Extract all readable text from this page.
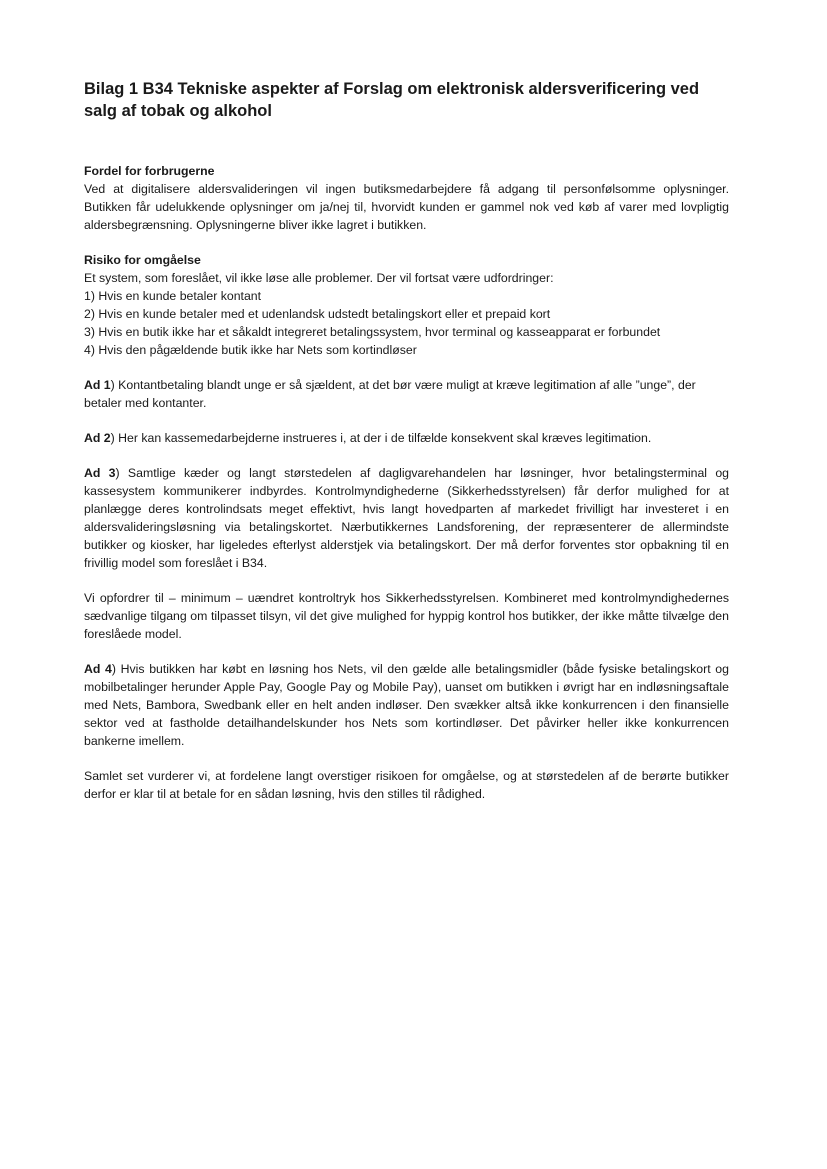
Bilag 1 B34 Tekniske aspekter af Forslag om elektronisk aldersverificering ved salg af tobak og alkohol
Fordel for forbrugerne

Ved at digitalisere aldersvalideringen vil ingen butiksmedarbejdere få adgang til personfølsomme oplysninger. Butikken får udelukkende oplysninger om ja/nej til, hvorvidt kunden er gammel nok ved køb af varer med lovpligtig aldersbegrænsning. Oplysningerne bliver ikke lagret i butikken.

Risiko for omgåelse
Et system, som foreslået, vil ikke løse alle problemer. Der vil fortsat være udfordringer:
1) Hvis en kunde betaler kontant
2) Hvis en kunde betaler med et udenlandsk udstedt betalingskort eller et prepaid kort
3) Hvis en butik ikke har et såkaldt integreret betalingssystem, hvor terminal og kasseapparat er forbundet
4) Hvis den pågældende butik ikke har Nets som kortindløser

Ad 1) Kontantbetaling blandt unge er så sjældent, at det bør være muligt at kræve legitimation af alle ”unge”, der betaler med kontanter.

Ad 2) Her kan kassemedarbejderne instrueres i, at der i de tilfælde konsekvent skal kræves legitimation.

Ad 3) Samtlige kæder og langt størstedelen af dagligvarehandelen har løsninger, hvor betalingsterminal og kassesystem kommunikerer indbyrdes. Kontrolmyndighederne (Sikkerhedsstyrelsen) får derfor mulighed for at planlægge deres kontrolindsats meget effektivt, hvis langt hovedparten af markedet frivilligt har investeret i en aldersvalideringsløsning via betalingskortet. Nærbutikkernes Landsforening, der repræsenterer de allermindste butikker og kiosker, har ligeledes efterlyst alderstjek via betalingskort. Der må derfor forventes stor opbakning til en frivillig model som foreslået i B34.

Vi opfordrer til – minimum – uændret kontroltryk hos Sikkerhedsstyrelsen. Kombineret med kontrolmyndighedernes sædvanlige tilgang om tilpasset tilsyn, vil det give mulighed for hyppig kontrol hos butikker, der ikke måtte tilvælge den foreslåede model.

Ad 4) Hvis butikken har købt en løsning hos Nets, vil den gælde alle betalingsmidler (både fysiske betalingskort og mobilbetalinger herunder Apple Pay, Google Pay og Mobile Pay), uanset om butikken i øvrigt har en indløsningsaftale med Nets, Bambora, Swedbank eller en helt anden indløser. Den svækker altså ikke konkurrencen i den finansielle sektor ved at fastholde detailhandelskunder hos Nets som kortindløser. Det påvirker heller ikke konkurrencen bankerne imellem.

Samlet set vurderer vi, at fordelene langt overstiger risikoen for omgåelse, og at størstedelen af de berørte butikker derfor er klar til at betale for en sådan løsning, hvis den stilles til rådighed.
